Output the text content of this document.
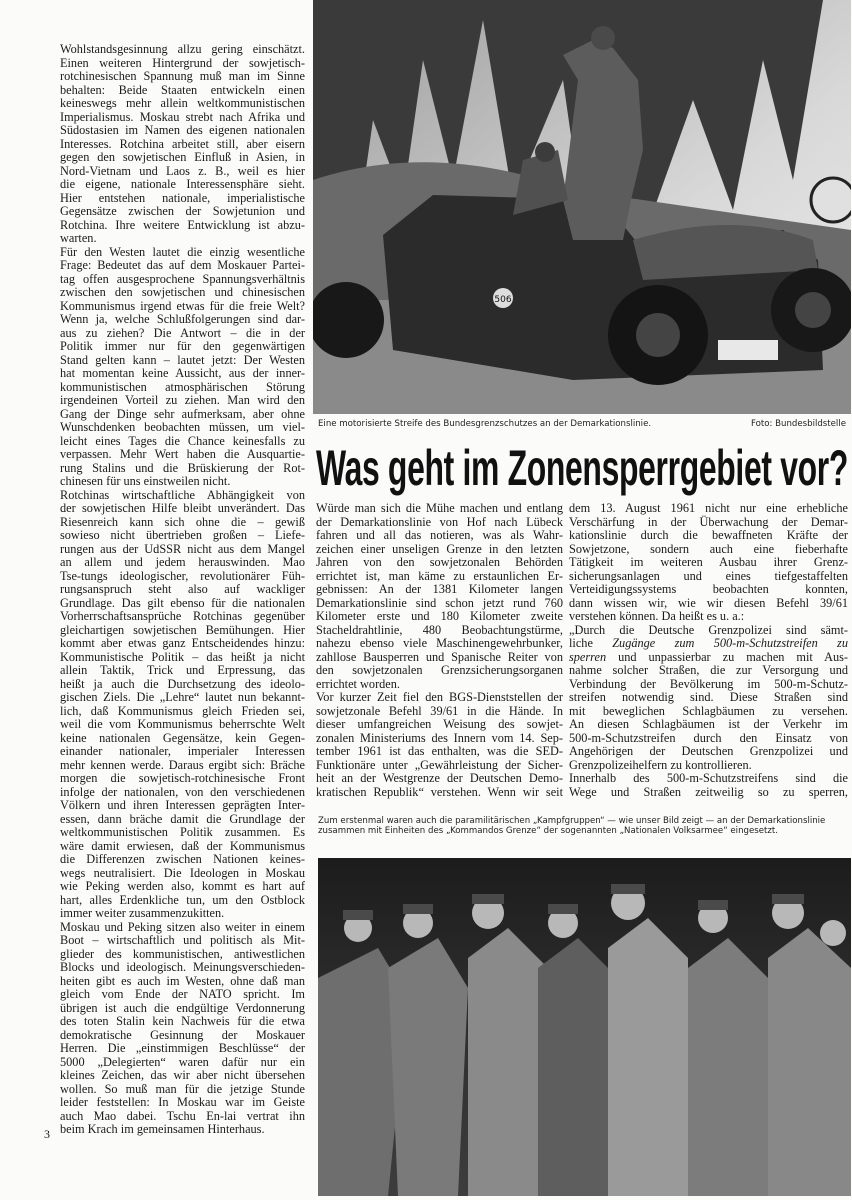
Wohlstandsgesinnung allzu gering einschätzt.
Einen weiteren Hintergrund der sowjetisch-
rotchinesischen Spannung muß man im Sinne
behalten: Beide Staaten entwickeln einen
keineswegs mehr allein weltkommunistischen
Imperialismus. Moskau strebt nach Afrika und
Südostasien im Namen des eigenen nationalen
Interesses. Rotchina arbeitet still, aber eisern
gegen den sowjetischen Einfluß in Asien, in
Nord-Vietnam und Laos z. B., weil es hier
die eigene, nationale Interessensphäre sieht.
Hier entstehen nationale, imperialistische
Gegensätze zwischen der Sowjetunion und
Rotchina. Ihre weitere Entwicklung ist abzu-
warten.
Für den Westen lautet die einzig wesentliche
Frage: Bedeutet das auf dem Moskauer Partei-
tag offen ausgesprochene Spannungsverhältnis
zwischen den sowjetischen und chinesischen
Kommunismus irgend etwas für die freie Welt?
Wenn ja, welche Schlußfolgerungen sind dar-
aus zu ziehen? Die Antwort – die in der
Politik immer nur für den gegenwärtigen
Stand gelten kann – lautet jetzt: Der Westen
hat momentan keine Aussicht, aus der inner-
kommunistischen atmosphärischen Störung
irgendeinen Vorteil zu ziehen. Man wird den
Gang der Dinge sehr aufmerksam, aber ohne
Wunschdenken beobachten müssen, um viel-
leicht eines Tages die Chance keinesfalls zu
verpassen. Mehr Wert haben die Ausquartie-
rung Stalins und die Brüskierung der Rot-
chinesen für uns einstweilen nicht.
Rotchinas wirtschaftliche Abhängigkeit von
der sowjetischen Hilfe bleibt unverändert. Das
Riesenreich kann sich ohne die – gewiß
sowieso nicht übertrieben großen – Liefe-
rungen aus der UdSSR nicht aus dem Mangel
an allem und jedem herauswinden. Mao
Tse-tungs ideologischer, revolutionärer Füh-
rungsanspruch steht also auf wackliger
Grundlage. Das gilt ebenso für die nationalen
Vorherrschaftsansprüche Rotchinas gegenüber
gleichartigen sowjetischen Bemühungen. Hier
kommt aber etwas ganz Entscheidendes hinzu:
Kommunistische Politik – das heißt ja nicht
allein Taktik, Trick und Erpressung, das
heißt ja auch die Durchsetzung des ideolo-
gischen Ziels. Die „Lehre“ lautet nun bekannt-
lich, daß Kommunismus gleich Frieden sei,
weil die vom Kommunismus beherrschte Welt
keine nationalen Gegensätze, kein Gegen-
einander nationaler, imperialer Interessen
mehr kennen werde. Daraus ergibt sich: Bräche
morgen die sowjetisch-rotchinesische Front
infolge der nationalen, von den verschiedenen
Völkern und ihren Interessen geprägten Inter-
essen, dann bräche damit die Grundlage der
weltkommunistischen Politik zusammen. Es
wäre damit erwiesen, daß der Kommunismus
die Differenzen zwischen Nationen keines-
wegs neutralisiert. Die Ideologen in Moskau
wie Peking werden also, kommt es hart auf
hart, alles Erdenkliche tun, um den Ostblock
immer weiter zusammenzukitten.
Moskau und Peking sitzen also weiter in einem
Boot – wirtschaftlich und politisch als Mit-
glieder des kommunistischen, antiwestlichen
Blocks und ideologisch. Meinungsverschieden-
heiten gibt es auch im Westen, ohne daß man
gleich vom Ende der NATO spricht. Im
übrigen ist auch die endgültige Verdonnerung
des toten Stalin kein Nachweis für die etwa
demokratische Gesinnung der Moskauer
Herren. Die „einstimmigen Beschlüsse“ der
5000 „Delegierten“ waren dafür nur ein
kleines Zeichen, das wir aber nicht übersehen
wollen. So muß man für die jetzige Stunde
leider feststellen: In Moskau war im Geiste
auch Mao dabei. Tschu En-lai vertrat ihn
beim Krach im gemeinsamen Hinterhaus.
506
Eine motorisierte Streife des Bundesgrenzschutzes an der Demarkationslinie.	Foto: Bundesbildstelle
Was geht im Zonensperrgebiet vor?
Würde man sich die Mühe machen und entlang
der Demarkationslinie von Hof nach Lübeck
fahren und all das notieren, was als Wahr-
zeichen einer unseligen Grenze in den letzten
Jahren von den sowjetzonalen Behörden
errichtet ist, man käme zu erstaunlichen Er-
gebnissen: An der 1381 Kilometer langen
Demarkationslinie sind schon jetzt rund 760
Kilometer erste und 180 Kilometer zweite
Stacheldrahtlinie, 480 Beobachtungstürme,
nahezu ebenso viele Maschinengewehrbunker,
zahllose Bausperren und Spanische Reiter von
den sowjetzonalen Grenzsicherungsorganen
errichtet worden.
Vor kurzer Zeit fiel den BGS-Dienststellen der
sowjetzonale Befehl 39/61 in die Hände. In
dieser umfangreichen Weisung des sowjet-
zonalen Ministeriums des Innern vom 14. Sep-
tember 1961 ist das enthalten, was die SED-
Funktionäre unter „Gewährleistung der Sicher-
heit an der Westgrenze der Deutschen Demo-
kratischen Republik“ verstehen. Wenn wir seit
dem 13. August 1961 nicht nur eine erhebliche
Verschärfung in der Überwachung der Demar-
kationslinie durch die bewaffneten Kräfte der
Sowjetzone, sondern auch eine fieberhafte
Tätigkeit im weiteren Ausbau ihrer Grenz-
sicherungsanlagen und eines tiefgestaffelten
Verteidigungssystems beobachten konnten,
dann wissen wir, wie wir diesen Befehl 39/61
verstehen können. Da heißt es u. a.:
„Durch die Deutsche Grenzpolizei sind sämt-
liche Zugänge zum 500-m-Schutzstreifen zu
sperren und unpassierbar zu machen mit Aus-
nahme solcher Straßen, die zur Versorgung und
Verbindung der Bevölkerung im 500-m-Schutz-
streifen notwendig sind. Diese Straßen sind
mit beweglichen Schlagbäumen zu versehen.
An diesen Schlagbäumen ist der Verkehr im
500-m-Schutzstreifen durch den Einsatz von
Angehörigen der Deutschen Grenzpolizei und
Grenzpolizeihelfern zu kontrollieren.
Innerhalb des 500-m-Schutzstreifens sind die
Wege und Straßen zeitweilig so zu sperren,
Zum erstenmal waren auch die paramilitärischen „Kampfgruppen“ — wie unser Bild zeigt — an der Demarkationslinie zusammen mit Einheiten des „Kommandos Grenze“ der sogenannten „Nationalen Volksarmee“ eingesetzt.
3
